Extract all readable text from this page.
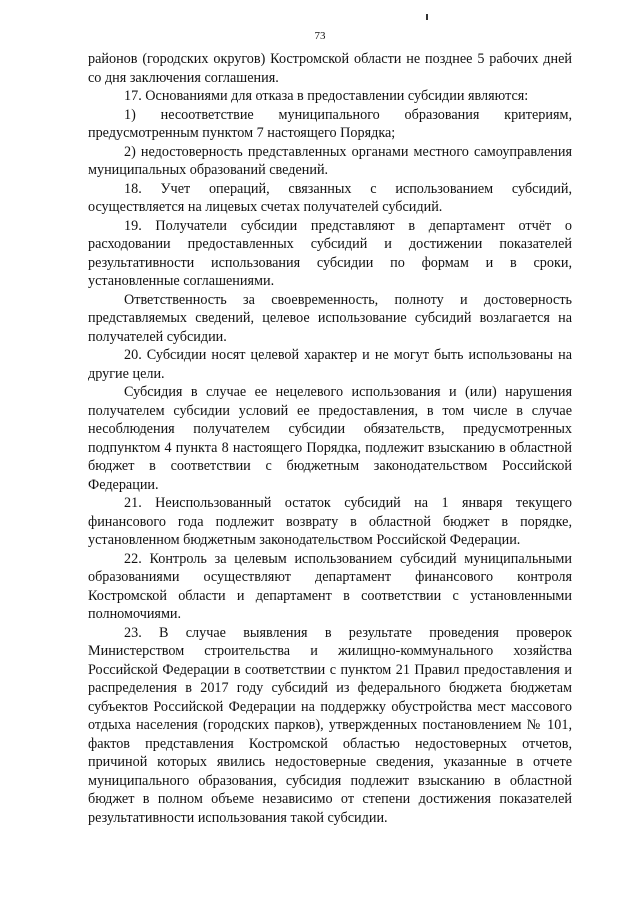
73

районов (городских округов) Костромской области не позднее 5 рабочих дней со дня заключения соглашения.

17. Основаниями для отказа в предоставлении субсидии являются:

1) несоответствие муниципального образования критериям, предусмотренным пунктом 7 настоящего Порядка;

2) недостоверность представленных органами местного самоуправления муниципальных образований сведений.

18. Учет операций, связанных с использованием субсидий, осуществляется на лицевых счетах получателей субсидий.

19. Получатели субсидии представляют в департамент отчёт о расходовании предоставленных субсидий и достижении показателей результативности использования субсидии по формам и в сроки, установленные соглашениями.

Ответственность за своевременность, полноту и достоверность представляемых сведений, целевое использование субсидий возлагается на получателей субсидии.

20. Субсидии носят целевой характер и не могут быть использованы на другие цели.

Субсидия в случае ее нецелевого использования и (или) нарушения получателем субсидии условий ее предоставления, в том числе в случае несоблюдения получателем субсидии обязательств, предусмотренных подпунктом 4 пункта 8 настоящего Порядка, подлежит взысканию в областной бюджет в соответствии с бюджетным законодательством Российской Федерации.

21. Неиспользованный остаток субсидий на 1 января текущего финансового года подлежит возврату в областной бюджет в порядке, установленном бюджетным законодательством Российской Федерации.

22. Контроль за целевым использованием субсидий муниципальными образованиями осуществляют департамент финансового контроля Костромской области и департамент в соответствии с установленными полномочиями.

23. В случае выявления в результате проведения проверок Министерством строительства и жилищно-коммунального хозяйства Российской Федерации в соответствии с пунктом 21 Правил предоставления и распределения в 2017 году субсидий из федерального бюджета бюджетам субъектов Российской Федерации на поддержку обустройства мест массового отдыха населения (городских парков), утвержденных постановлением № 101, фактов представления Костромской областью недостоверных отчетов, причиной которых явились недостоверные сведения, указанные в отчете муниципального образования, субсидия подлежит взысканию в областной бюджет в полном объеме независимо от степени достижения показателей результативности использования такой субсидии.
